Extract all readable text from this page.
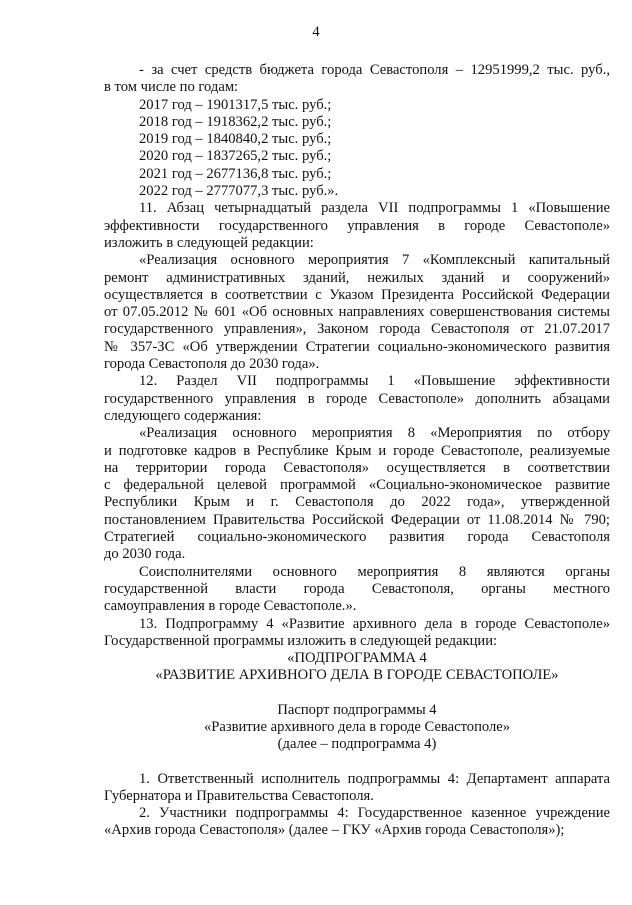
4
- за счет средств бюджета города Севастополя – 12951999,2 тыс. руб.,
в том числе по годам:
2017 год – 1901317,5 тыс. руб.;
2018 год – 1918362,2 тыс. руб.;
2019 год – 1840840,2 тыс. руб.;
2020 год – 1837265,2 тыс. руб.;
2021 год – 2677136,8 тыс. руб.;
2022 год – 2777077,3 тыс. руб.».
11. Абзац четырнадцатый раздела VII подпрограммы 1 «Повышение
эффективности государственного управления в городе Севастополе»
изложить в следующей редакции:
«Реализация основного мероприятия 7 «Комплексный капитальный
ремонт административных зданий, нежилых зданий и сооружений»
осуществляется в соответствии с Указом Президента Российской Федерации
от 07.05.2012 № 601 «Об основных направлениях совершенствования системы
государственного управления», Законом города Севастополя от 21.07.2017
№ 357-ЗС «Об утверждении Стратегии социально-экономического развития
города Севастополя до 2030 года».
12. Раздел VII подпрограммы 1 «Повышение эффективности
государственного управления в городе Севастополе» дополнить абзацами
следующего содержания:
«Реализация основного мероприятия 8 «Мероприятия по отбору
и подготовке кадров в Республике Крым и городе Севастополе, реализуемые
на территории города Севастополя» осуществляется в соответствии
с федеральной целевой программой «Социально-экономическое развитие
Республики Крым и г. Севастополя до 2022 года», утвержденной
постановлением Правительства Российской Федерации от 11.08.2014 № 790;
Стратегией социально-экономического развития города Севастополя
до 2030 года.
Соисполнителями основного мероприятия 8 являются органы
государственной власти города Севастополя, органы местного
самоуправления в городе Севастополе.».
13. Подпрограмму 4 «Развитие архивного дела в городе Севастополе»
Государственной программы изложить в следующей редакции:
«ПОДПРОГРАММА 4
«РАЗВИТИЕ АРХИВНОГО ДЕЛА В ГОРОДЕ СЕВАСТОПОЛЕ»
Паспорт подпрограммы 4
«Развитие архивного дела в городе Севастополе»
(далее – подпрограмма 4)
1. Ответственный исполнитель подпрограммы 4: Департамент аппарата
Губернатора и Правительства Севастополя.
2. Участники подпрограммы 4: Государственное казенное учреждение
«Архив города Севастополя» (далее – ГКУ «Архив города Севастополя»);
